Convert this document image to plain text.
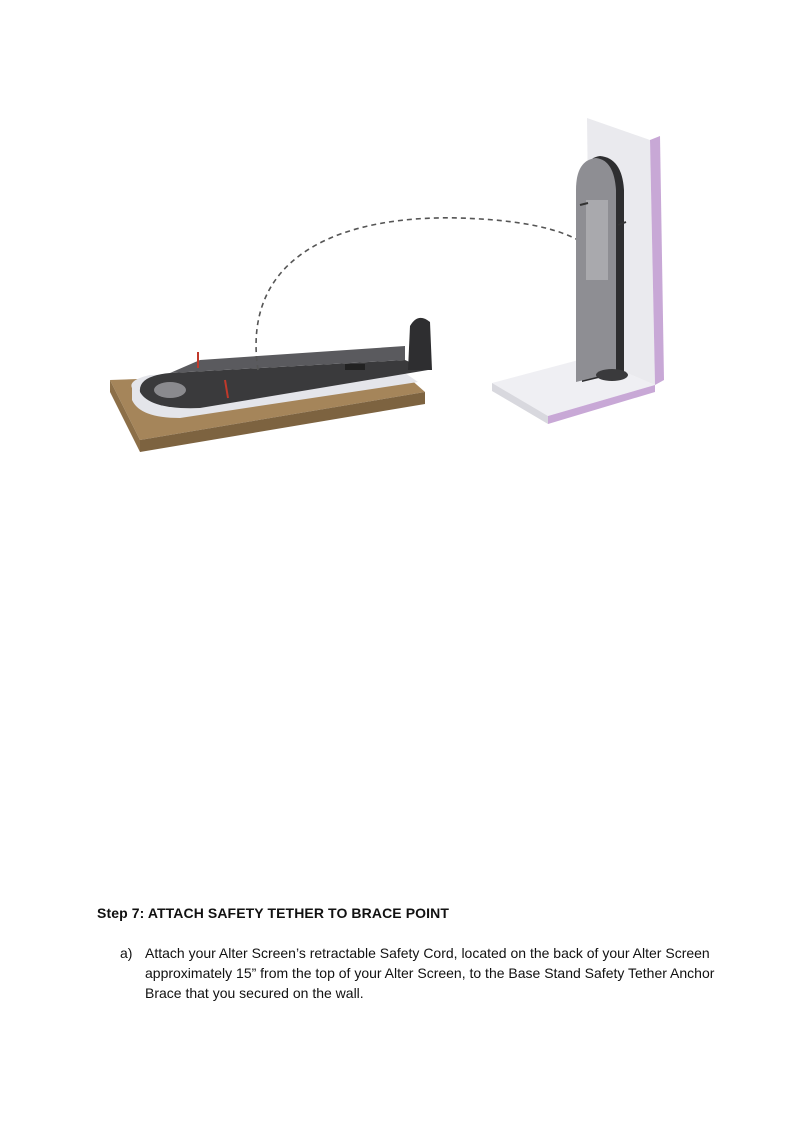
Step 7: ATTACH SAFETY TETHER TO BRACE POINT
a) Attach your Alter Screen’s retractable Safety Cord, located on the back of your Alter Screen approximately 15” from the top of your Alter Screen, to the Base Stand Safety Tether Anchor Brace that you secured on the wall.
